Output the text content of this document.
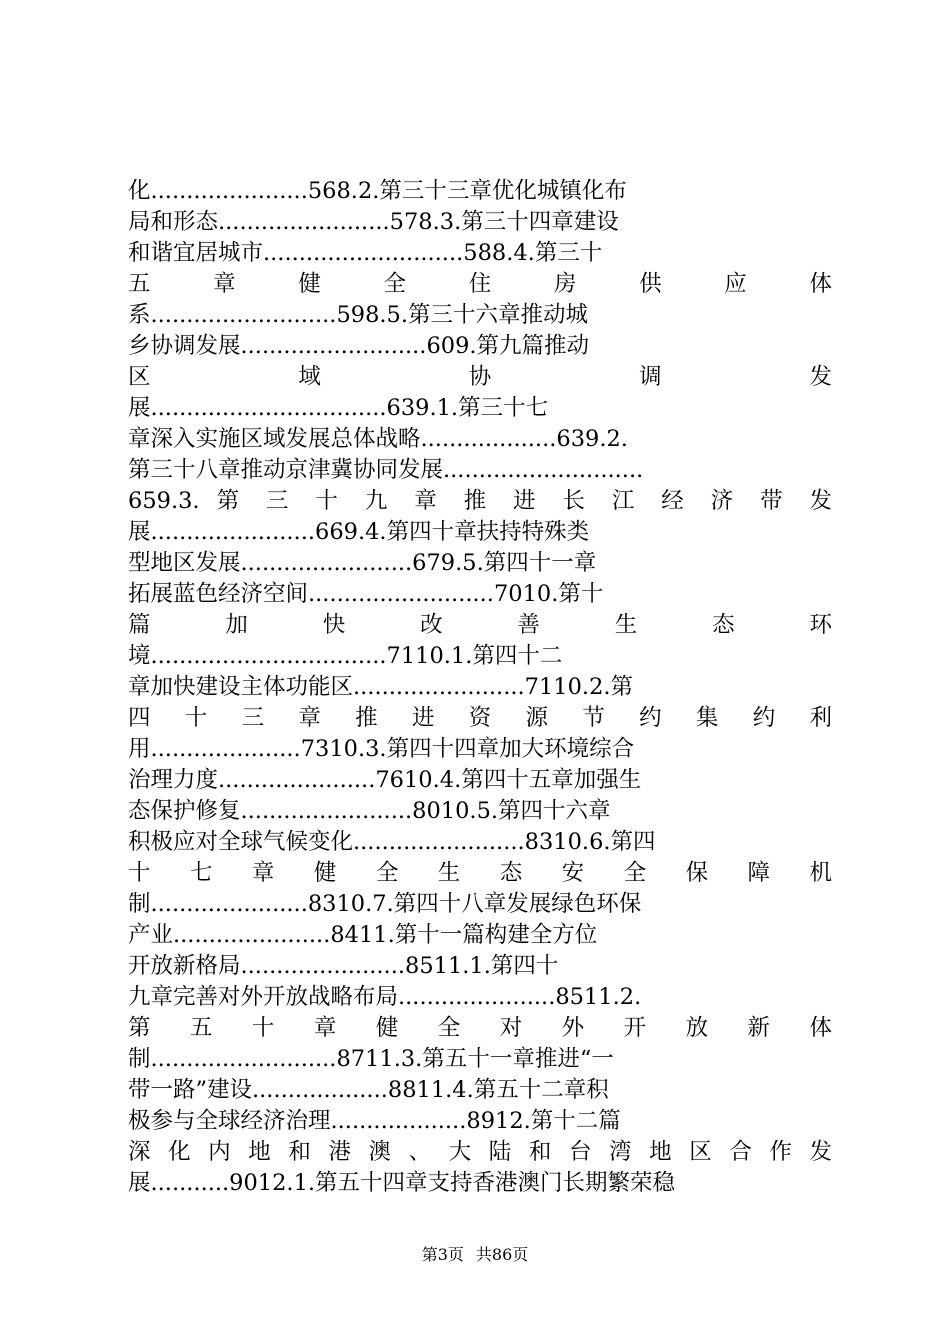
化......................568.2.第三十三章优化城镇化布
局和形态........................578.3.第三十四章建设
和谐宜居城市............................588.4.第三十
五 章 健 全 住 房 供 应 体
系..........................598.5.第三十六章推动城
乡协调发展..........................609.第九篇推动
区 域 协 调 发
展.................................639.1.第三十七
章深入实施区域发展总体战略...................639.2.
第三十八章推动京津冀协同发展............................
659.3. 第 三 十 九 章 推 进 长 江 经 济 带 发
展.......................669.4.第四十章扶持特殊类
型地区发展........................679.5.第四十一章
拓展蓝色经济空间..........................7010.第十
篇 加 快 改 善 生 态 环
境.................................7110.1.第四十二
章加快建设主体功能区........................7110.2.第
四 十 三 章 推 进 资 源 节 约 集 约 利
用.....................7310.3.第四十四章加大环境综合
治理力度......................7610.4.第四十五章加强生
态保护修复........................8010.5.第四十六章
积极应对全球气候变化........................8310.6.第四
十 七 章 健 全 生 态 安 全 保 障 机
制......................8310.7.第四十八章发展绿色环保
产业......................8411.第十一篇构建全方位
开放新格局.......................8511.1.第四十
九章完善对外开放战略布局......................8511.2.
第 五 十 章 健 全 对 外 开 放 新 体
制..........................8711.3.第五十一章推进“一
带一路”建设...................8811.4.第五十二章积
极参与全球经济治理...................8912.第十二篇
深 化 内 地 和 港 澳 、 大 陆 和 台 湾 地 区 合 作 发
展...........9012.1.第五十四章支持香港澳门长期繁荣稳
第3页 共86页
